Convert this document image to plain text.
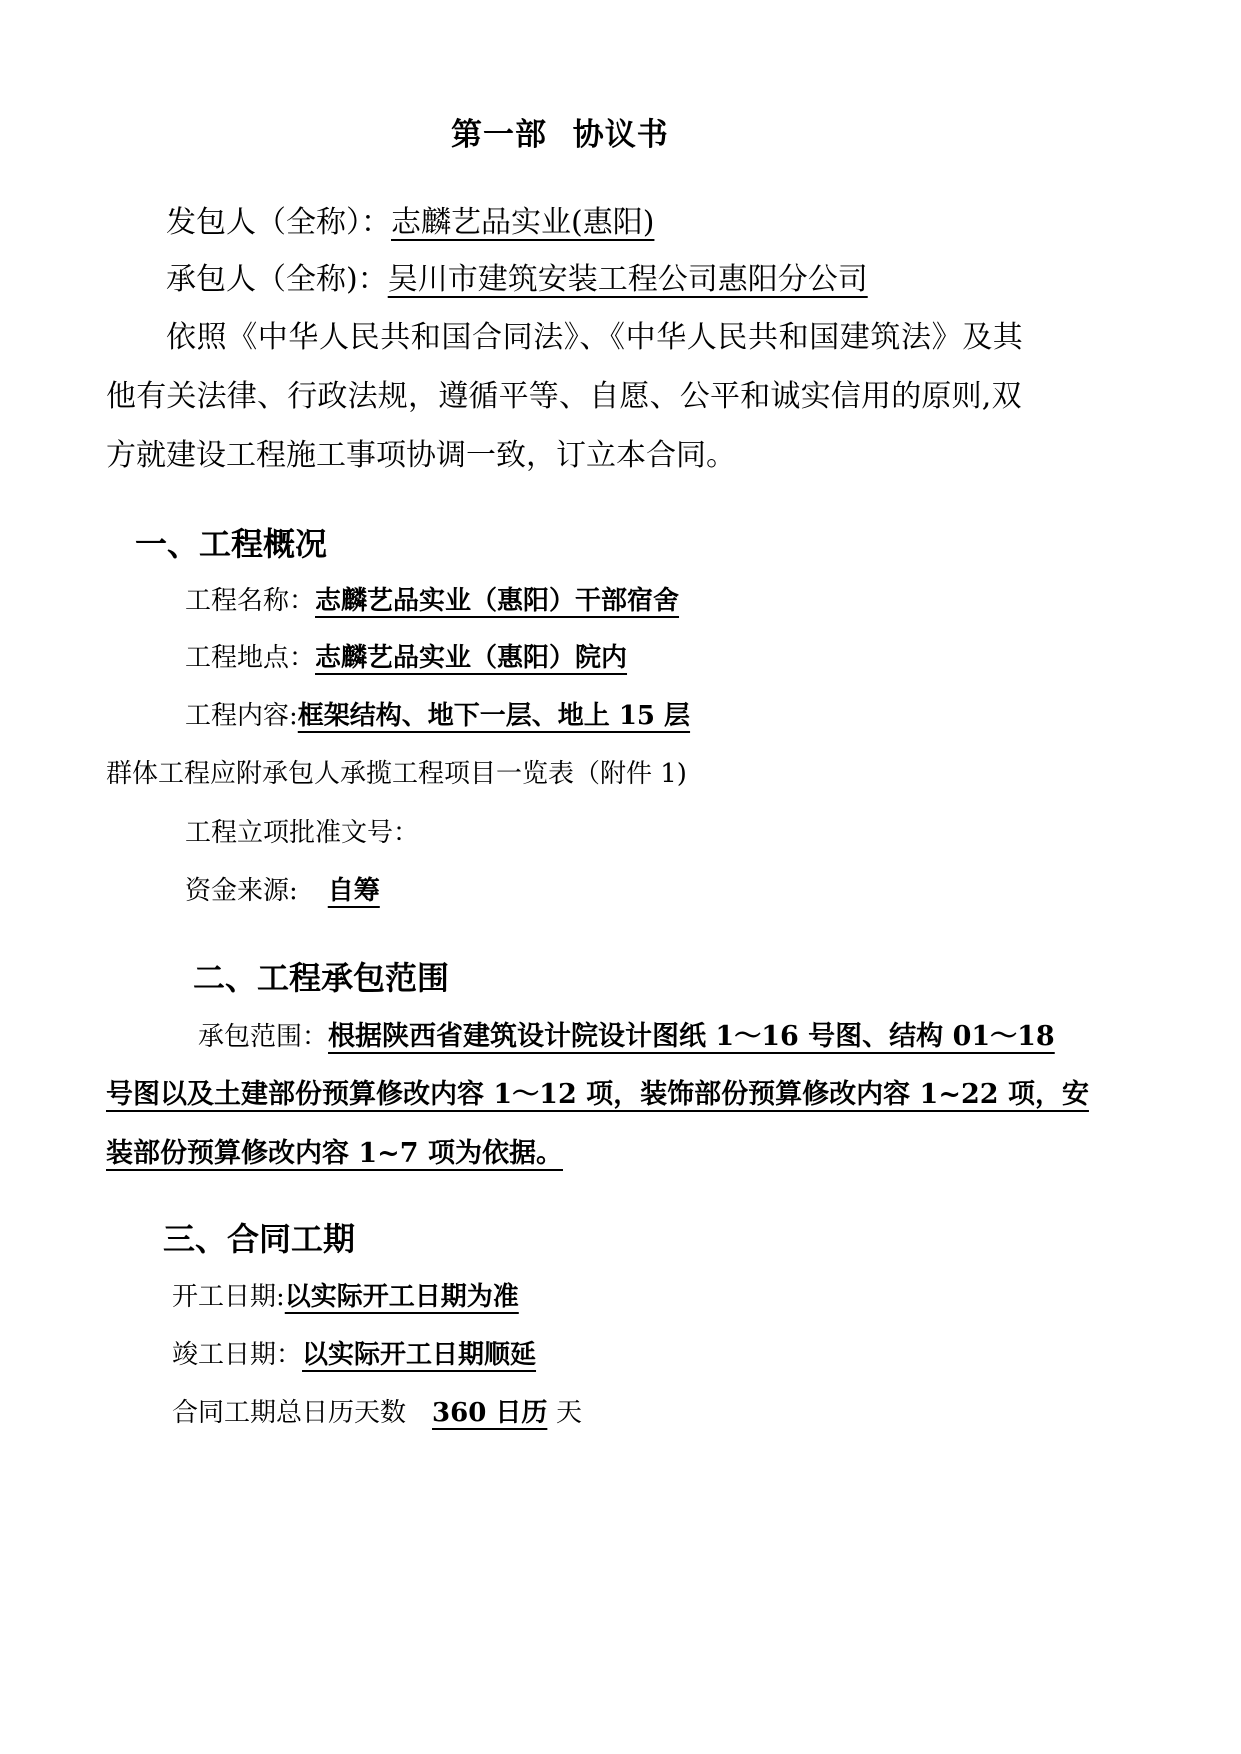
第一部 协议书
发包人（全称）：志麟艺品实业(惠阳)
承包人（全称)：吴川市建筑安装工程公司惠阳分公司
依照《中华人民共和国合同法》、《中华人民共和国建筑法》及其
他有关法律、行政法规，遵循平等、自愿、公平和诚实信用的原则,双
方就建设工程施工事项协调一致，订立本合同。
一、工程概况
工程名称：志麟艺品实业（惠阳）干部宿舍
工程地点：志麟艺品实业（惠阳）院内
工程内容:框架结构、地下一层、地上 15 层
群体工程应附承包人承揽工程项目一览表（附件 1)
工程立项批准文号：
资金来源: 自筹
二、工程承包范围
承包范围：根据陕西省建筑设计院设计图纸 1～16 号图、结构 01～18
号图以及土建部份预算修改内容 1～12 项，装饰部份预算修改内容 1~22 项，安
装部份预算修改内容 1~7 项为依据。
三、合同工期
开工日期:以实际开工日期为准
竣工日期：以实际开工日期顺延
合同工期总日历天数 360 日历 天
